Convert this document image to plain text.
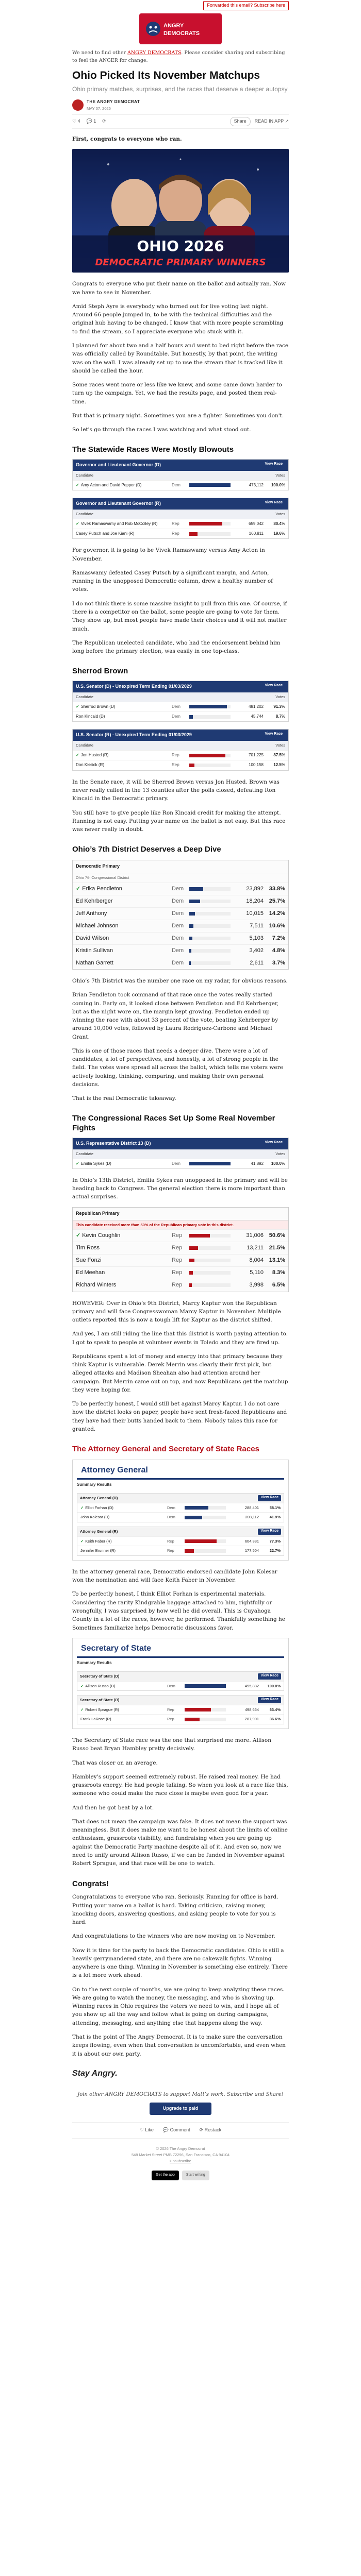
Forwarded this email? Subscribe here
ANGRY
DEMOCRATS

We need to find other ANGRY DEMOCRATS. Please consider sharing and subscribing to feel the ANGER for change.

Ohio Picked Its November Matchups
Ohio primary matches, surprises, and the races that deserve a deeper autopsy
THE ANGRY DEMOCRAT
MAY 07, 2026
♡ 4 💬 1 ⟳	Share	READ IN APP ↗

First, congrats to everyone who ran.

OHIO 2026
DEMOCRATIC PRIMARY WINNERS

Congrats to everyone who put their name on the ballot and actually ran. Now we have to see in November.

Amid Steph Ayre is everybody who turned out for live voting last night. Around 66 people jumped in, to be with the technical difficulties and the original hub having to be changed. I know that with more people scrambling to find the stream, so I appreciate everyone who stuck with it.

I planned for about two and a half hours and went to bed right before the race was officially called by Roundtable. But honestly, by that point, the writing was on the wall. I was already set up to use the stream that is tracked like it should be called the hour.

Some races went more or less like we knew, and some came down harder to turn up the campaign. Yet, we had the results page, and posted them real-time.

But that is primary night. Sometimes you are a fighter. Sometimes you don't.

So let's go through the races I was watching and what stood out.

The Statewide Races Were Mostly Blowouts
Governor and Lieutenant Governor (D)	View Race
Candidate	Votes
✓ Amy Acton and David Pepper (D)	Dem	473,112	100.0%
Governor and Lieutenant Governor (R)	View Race
Candidate	Votes
✓ Vivek Ramaswamy and Rob McColley (R)	Rep	659,042	80.4%
Casey Putsch and Joe Kiani (R)	Rep	160,811	19.6%

For governor, it is going to be Vivek Ramaswamy versus Amy Acton in November.

Ramaswamy defeated Casey Putsch by a significant margin, and Acton, running in the unopposed Democratic column, drew a healthy number of votes.

I do not think there is some massive insight to pull from this one. Of course, if there is a competitor on the ballot, some people are going to vote for them. They show up, but most people have made their choices and it will not matter much.

The Republican unelected candidate, who had the endorsement behind him long before the primary election, was easily in one top-class.

Sherrod Brown
U.S. Senator (D) - Unexpired Term Ending 01/03/2029	View Race
Candidate	Votes
✓ Sherrod Brown (D)	Dem	481,202	91.3%
Ron Kincaid (D)	Dem	45,744	8.7%
U.S. Senator (R) - Unexpired Term Ending 01/03/2029	View Race
Candidate	Votes
✓ Jon Husted (R)	Rep	701,225	87.5%
Don Kissick (R)	Rep	100,158	12.5%

In the Senate race, it will be Sherrod Brown versus Jon Husted. Brown was never really called in the 13 counties after the polls closed, defeating Ron Kincaid in the Democratic primary.

You still have to give people like Ron Kincaid credit for making the attempt. Running is not easy. Putting your name on the ballot is not easy. But this race was never really in doubt.

Ohio’s 7th District Deserves a Deep Dive
Democratic Primary
Ohio 7th Congressional District
✓ Erika Pendleton	Dem	23,892 33.8%
Ed Kehrberger	Dem	18,204 25.7%
Jeff Anthony	Dem	10,015 14.2%
Michael Johnson	Dem	7,511 10.6%
David Wilson	Dem	5,103	7.2%
Kristin Sullivan	Dem	3,402	4.8%
Nathan Garrett	Dem	2,611	3.7%

Ohio’s 7th District was the number one race on my radar, for obvious reasons.

Brian Pendleton took command of that race once the votes really started coming in. Early on, it looked close between Pendleton and Ed Kehrberger, but as the night wore on, the margin kept growing. Pendleton ended up winning the race with about 33 percent of the vote, beating Kehrberger by around 10,000 votes, followed by Laura Rodriguez-Carbone and Michael Grant.

This is one of those races that needs a deeper dive. There were a lot of candidates, a lot of perspectives, and honestly, a lot of strong people in the field. The votes were spread all across the ballot, which tells me voters were actively looking, thinking, comparing, and making their own personal decisions.

That is the real Democratic takeaway.

The Congressional Races Set Up Some Real November Fights
U.S. Representative District 13 (D)	View Race
Candidate	Votes
✓ Emilia Sykes (D)	Dem	41,892	100.0%

In Ohio’s 13th District, Emilia Sykes ran unopposed in the primary and will be heading back to Congress. The general election there is more important than actual surprises.

Republican Primary
This candidate received more than 50% of the Republican primary vote in this district.
✓ Kevin Coughlin	Rep	31,006 50.6%
Tim Ross	Rep	13,211 21.5%
Sue Fonzi	Rep	8,004 13.1%
Ed Meehan	Rep	5,110	8.3%
Richard Winters	Rep	3,998	6.5%

HOWEVER: Over in Ohio’s 9th District, Marcy Kaptur won the Republican primary and will face Congresswoman Marcy Kaptur in November. Multiple outlets reported this is now a tough lift for Kaptur as the district shifted.

And yes, I am still riding the line that this district is worth paying attention to. I got to speak to people at volunteer events in Toledo and they are fired up.

Republicans spent a lot of money and energy into that primary because they think Kaptur is vulnerable. Derek Merrin was clearly their first pick, but alleged attacks and Madison Sheahan also had attention around her campaign. But Merrin came out on top, and now Republicans get the matchup they were hoping for.

To be perfectly honest, I would still bet against Marcy Kaptur. I do not care how the district looks on paper, people have sent fresh-faced Republicans and they have had their butts handed back to them. Nobody takes this race for granted.

The Attorney General and Secretary of State Races
Attorney General
Summary Results
Attorney General (D)	View Race
✓ Elliot Forhan (D)	Dem	288,401	58.1%
John Kolesar (D)	Dem	208,112	41.9%
Attorney General (R)	View Race
✓ Keith Faber (R)	Rep	604,331	77.3%
Jennifer Brunner (R)	Rep	177,504	22.7%

In the attorney general race, Democratic endorsed candidate John Kolesar won the nomination and will face Keith Faber in November.

To be perfectly honest, I think Elliot Forhan is experimental materials. Considering the rarity Kindgrable baggage attached to him, rightfully or wrongfully, I was surprised by how well he did overall. This is Cuyahoga County in a lot of the races, however, he performed. Thankfully something he Sometimes familiarize helps Democratic discussions favor.

Secretary of State
Summary Results
Secretary of State (D)	View Race
✓ Allison Russo (D)	Dem	495,882	100.0%
Secretary of State (R)	View Race
✓ Robert Sprague (R)	Rep	498,664	63.4%
Frank LaRose (R)	Rep	287,901	36.6%

The Secretary of State race was the one that surprised me more. Allison Russo beat Bryan Hambley pretty decisively.

That was closer on an average.

Hambley’s support seemed extremely robust. He raised real money. He had grassroots energy. He had people talking. So when you look at a race like this, someone who could make the race close is maybe even good for a year.

And then he got beat by a lot.

That does not mean the campaign was fake. It does not mean the support was meaningless. But it does make me want to be honest about the limits of online enthusiasm, grassroots visibility, and fundraising when you are going up against the Democratic Party machine despite all of it. And even so, now we need to unify around Allison Russo, if we can be funded in November against Robert Sprague, and that race will be one to watch.

Congrats!

Congratulations to everyone who ran. Seriously. Running for office is hard. Putting your name on a ballot is hard. Taking criticism, raising money, knocking doors, answering questions, and asking people to vote for you is hard.

And congratulations to the winners who are now moving on to November.

Now it is time for the party to back the Democratic candidates. Ohio is still a heavily gerrymandered state, and there are no cakewalk fights. Winning anywhere is one thing. Winning in November is something else entirely. There is a lot more work ahead.

On to the next couple of months, we are going to keep analyzing these races. We are going to watch the money, the messaging, and who is showing up. Winning races in Ohio requires the voters we need to win, and I hope all of you show up all the way and follow what is going on during campaigns, attending, messaging, and anything else that happens along the way.

That is the point of The Angry Democrat. It is to make sure the conversation keeps flowing, even when that conversation is uncomfortable, and even when it is about our own party.

Stay Angry.
Join other ANGRY DEMOCRATS to support Matt’s work. Subscribe and Share!
Upgrade to paid
♡ Like 💬 Comment ⟳ Restack
© 2026 The Angry Democrat
548 Market Street PMB 72296, San Francisco, CA 94104
Unsubscribe
Get the app	Start writing
